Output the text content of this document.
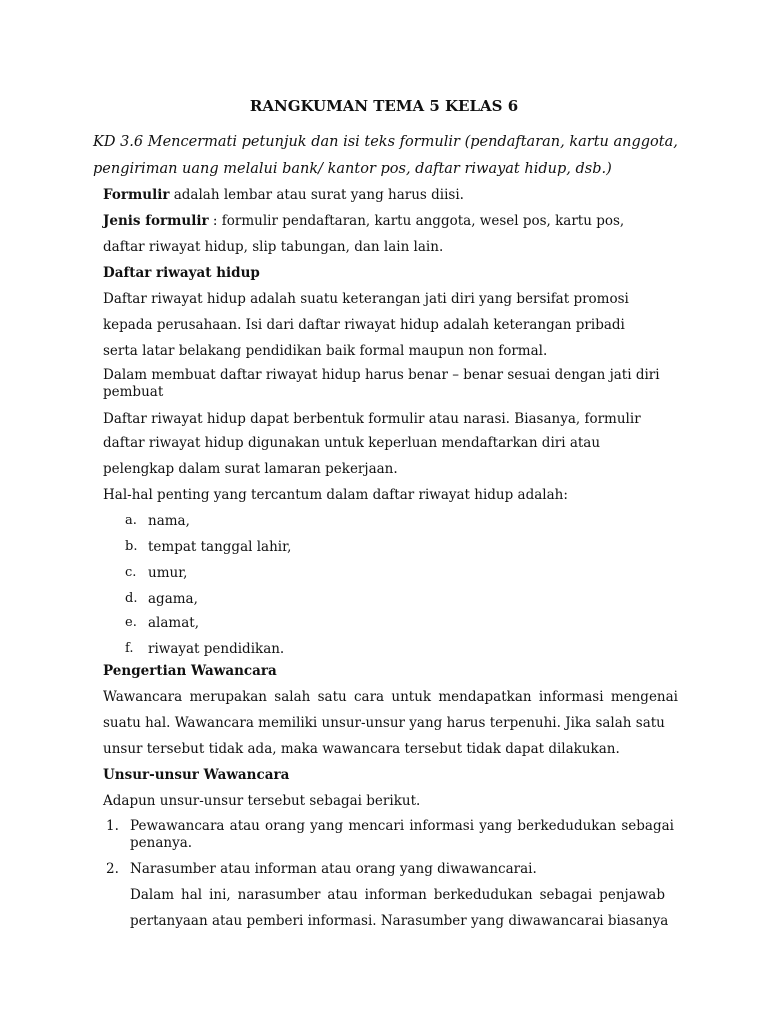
RANGKUMAN TEMA 5 KELAS 6
KD 3.6 Mencermati petunjuk dan isi teks formulir (pendaftaran, kartu anggota,
pengiriman uang melalui bank/ kantor pos, daftar riwayat hidup, dsb.)
Formulir adalah lembar atau surat yang harus diisi.
Jenis formulir : formulir pendaftaran, kartu anggota, wesel pos, kartu pos,
daftar riwayat hidup, slip tabungan, dan lain lain.
Daftar riwayat hidup
Daftar riwayat hidup adalah suatu keterangan jati diri yang bersifat promosi
kepada perusahaan. Isi dari daftar riwayat hidup adalah keterangan pribadi
serta latar belakang pendidikan baik formal maupun non formal.
Dalam membuat daftar riwayat hidup harus benar – benar sesuai dengan jati diri
pembuat
Daftar riwayat hidup dapat berbentuk formulir atau narasi. Biasanya, formulir
daftar riwayat hidup digunakan untuk keperluan mendaftarkan diri atau
pelengkap dalam surat lamaran pekerjaan.
Hal-hal penting yang tercantum dalam daftar riwayat hidup adalah:
a. nama,
b. tempat tanggal lahir,
c. umur,
d. agama,
e. alamat,
f. riwayat pendidikan.
Pengertian Wawancara
Wawancara merupakan salah satu cara untuk mendapatkan informasi mengenai
suatu hal. Wawancara memiliki unsur-unsur yang harus terpenuhi. Jika salah satu
unsur tersebut tidak ada, maka wawancara tersebut tidak dapat dilakukan.
Unsur-unsur Wawancara
Adapun unsur-unsur tersebut sebagai berikut.
1. Pewawancara atau orang yang mencari informasi yang berkedudukan sebagai
penanya.
2. Narasumber atau informan atau orang yang diwawancarai.
Dalam hal ini, narasumber atau informan berkedudukan sebagai penjawab
pertanyaan atau pemberi informasi. Narasumber yang diwawancarai biasanya
